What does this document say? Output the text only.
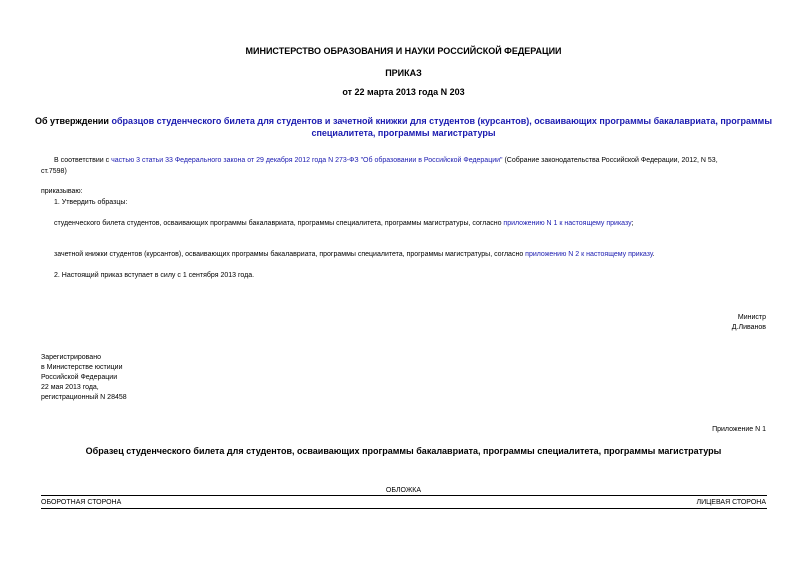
МИНИСТЕРСТВО ОБРАЗОВАНИЯ И НАУКИ РОССИЙСКОЙ ФЕДЕРАЦИИ
ПРИКАЗ
от 22 марта 2013 года N 203
Об утверждении образцов студенческого билета для студентов и зачетной книжки для студентов (курсантов), осваивающих программы бакалавриата, программы
специалитета, программы магистратуры
В соответствии с частью 3 статьи 33 Федерального закона от 29 декабря 2012 года N 273-ФЗ "Об образовании в Российской Федерации" (Собрание законодательства Российской Федерации, 2012, N 53,
ст.7598)
приказываю:
1. Утвердить образцы:
студенческого билета студентов, осваивающих программы бакалавриата, программы специалитета, программы магистратуры, согласно приложению N 1 к настоящему приказу;
зачетной книжки студентов (курсантов), осваивающих программы бакалавриата, программы специалитета, программы магистратуры, согласно приложению N 2 к настоящему приказу.
2. Настоящий приказ вступает в силу с 1 сентября 2013 года.
Министр
Д.Ливанов
Зарегистрировано
в Министерстве юстиции
Российской Федерации
22 мая 2013 года,
регистрационный N 28458
Приложение N 1
Образец студенческого билета для студентов, осваивающих программы бакалавриата, программы специалитета, программы магистратуры
ОБЛОЖКА
ОБОРОТНАЯ СТОРОНА	ЛИЦЕВАЯ СТОРОНА
